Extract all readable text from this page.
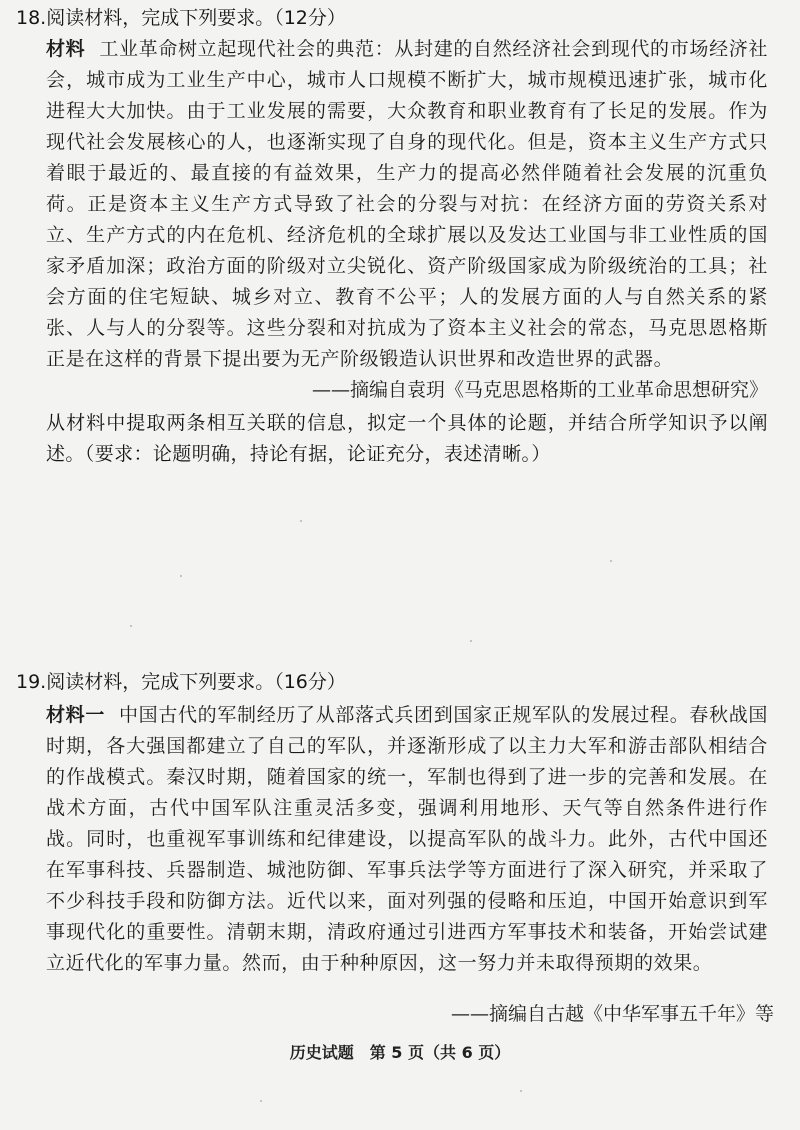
18.阅读材料，完成下列要求。（12分）
材料 工业革命树立起现代社会的典范：从封建的自然经济社会到现代的市场经济社会，城市成为工业生产中心，城市人口规模不断扩大，城市规模迅速扩张，城市化进程大大加快。由于工业发展的需要，大众教育和职业教育有了长足的发展。作为现代社会发展核心的人，也逐渐实现了自身的现代化。但是，资本主义生产方式只着眼于最近的、最直接的有益效果，生产力的提高必然伴随着社会发展的沉重负荷。正是资本主义生产方式导致了社会的分裂与对抗：在经济方面的劳资关系对立、生产方式的内在危机、经济危机的全球扩展以及发达工业国与非工业性质的国家矛盾加深；政治方面的阶级对立尖锐化、资产阶级国家成为阶级统治的工具；社会方面的住宅短缺、城乡对立、教育不公平；人的发展方面的人与自然关系的紧张、人与人的分裂等。这些分裂和对抗成为了资本主义社会的常态，马克思恩格斯正是在这样的背景下提出要为无产阶级锻造认识世界和改造世界的武器。
——摘编自袁玥《马克思恩格斯的工业革命思想研究》
从材料中提取两条相互关联的信息，拟定一个具体的论题，并结合所学知识予以阐述。（要求：论题明确，持论有据，论证充分，表述清晰。）
19.阅读材料，完成下列要求。（16分）
材料一 中国古代的军制经历了从部落式兵团到国家正规军队的发展过程。春秋战国时期，各大强国都建立了自己的军队，并逐渐形成了以主力大军和游击部队相结合的作战模式。秦汉时期，随着国家的统一，军制也得到了进一步的完善和发展。在战术方面，古代中国军队注重灵活多变，强调利用地形、天气等自然条件进行作战。同时，也重视军事训练和纪律建设，以提高军队的战斗力。此外，古代中国还在军事科技、兵器制造、城池防御、军事兵法学等方面进行了深入研究，并采取了不少科技手段和防御方法。近代以来，面对列强的侵略和压迫，中国开始意识到军事现代化的重要性。清朝末期，清政府通过引进西方军事技术和装备，开始尝试建立近代化的军事力量。然而，由于种种原因，这一努力并未取得预期的效果。
——摘编自古越《中华军事五千年》等
历史试题　第 5 页（共 6 页）
